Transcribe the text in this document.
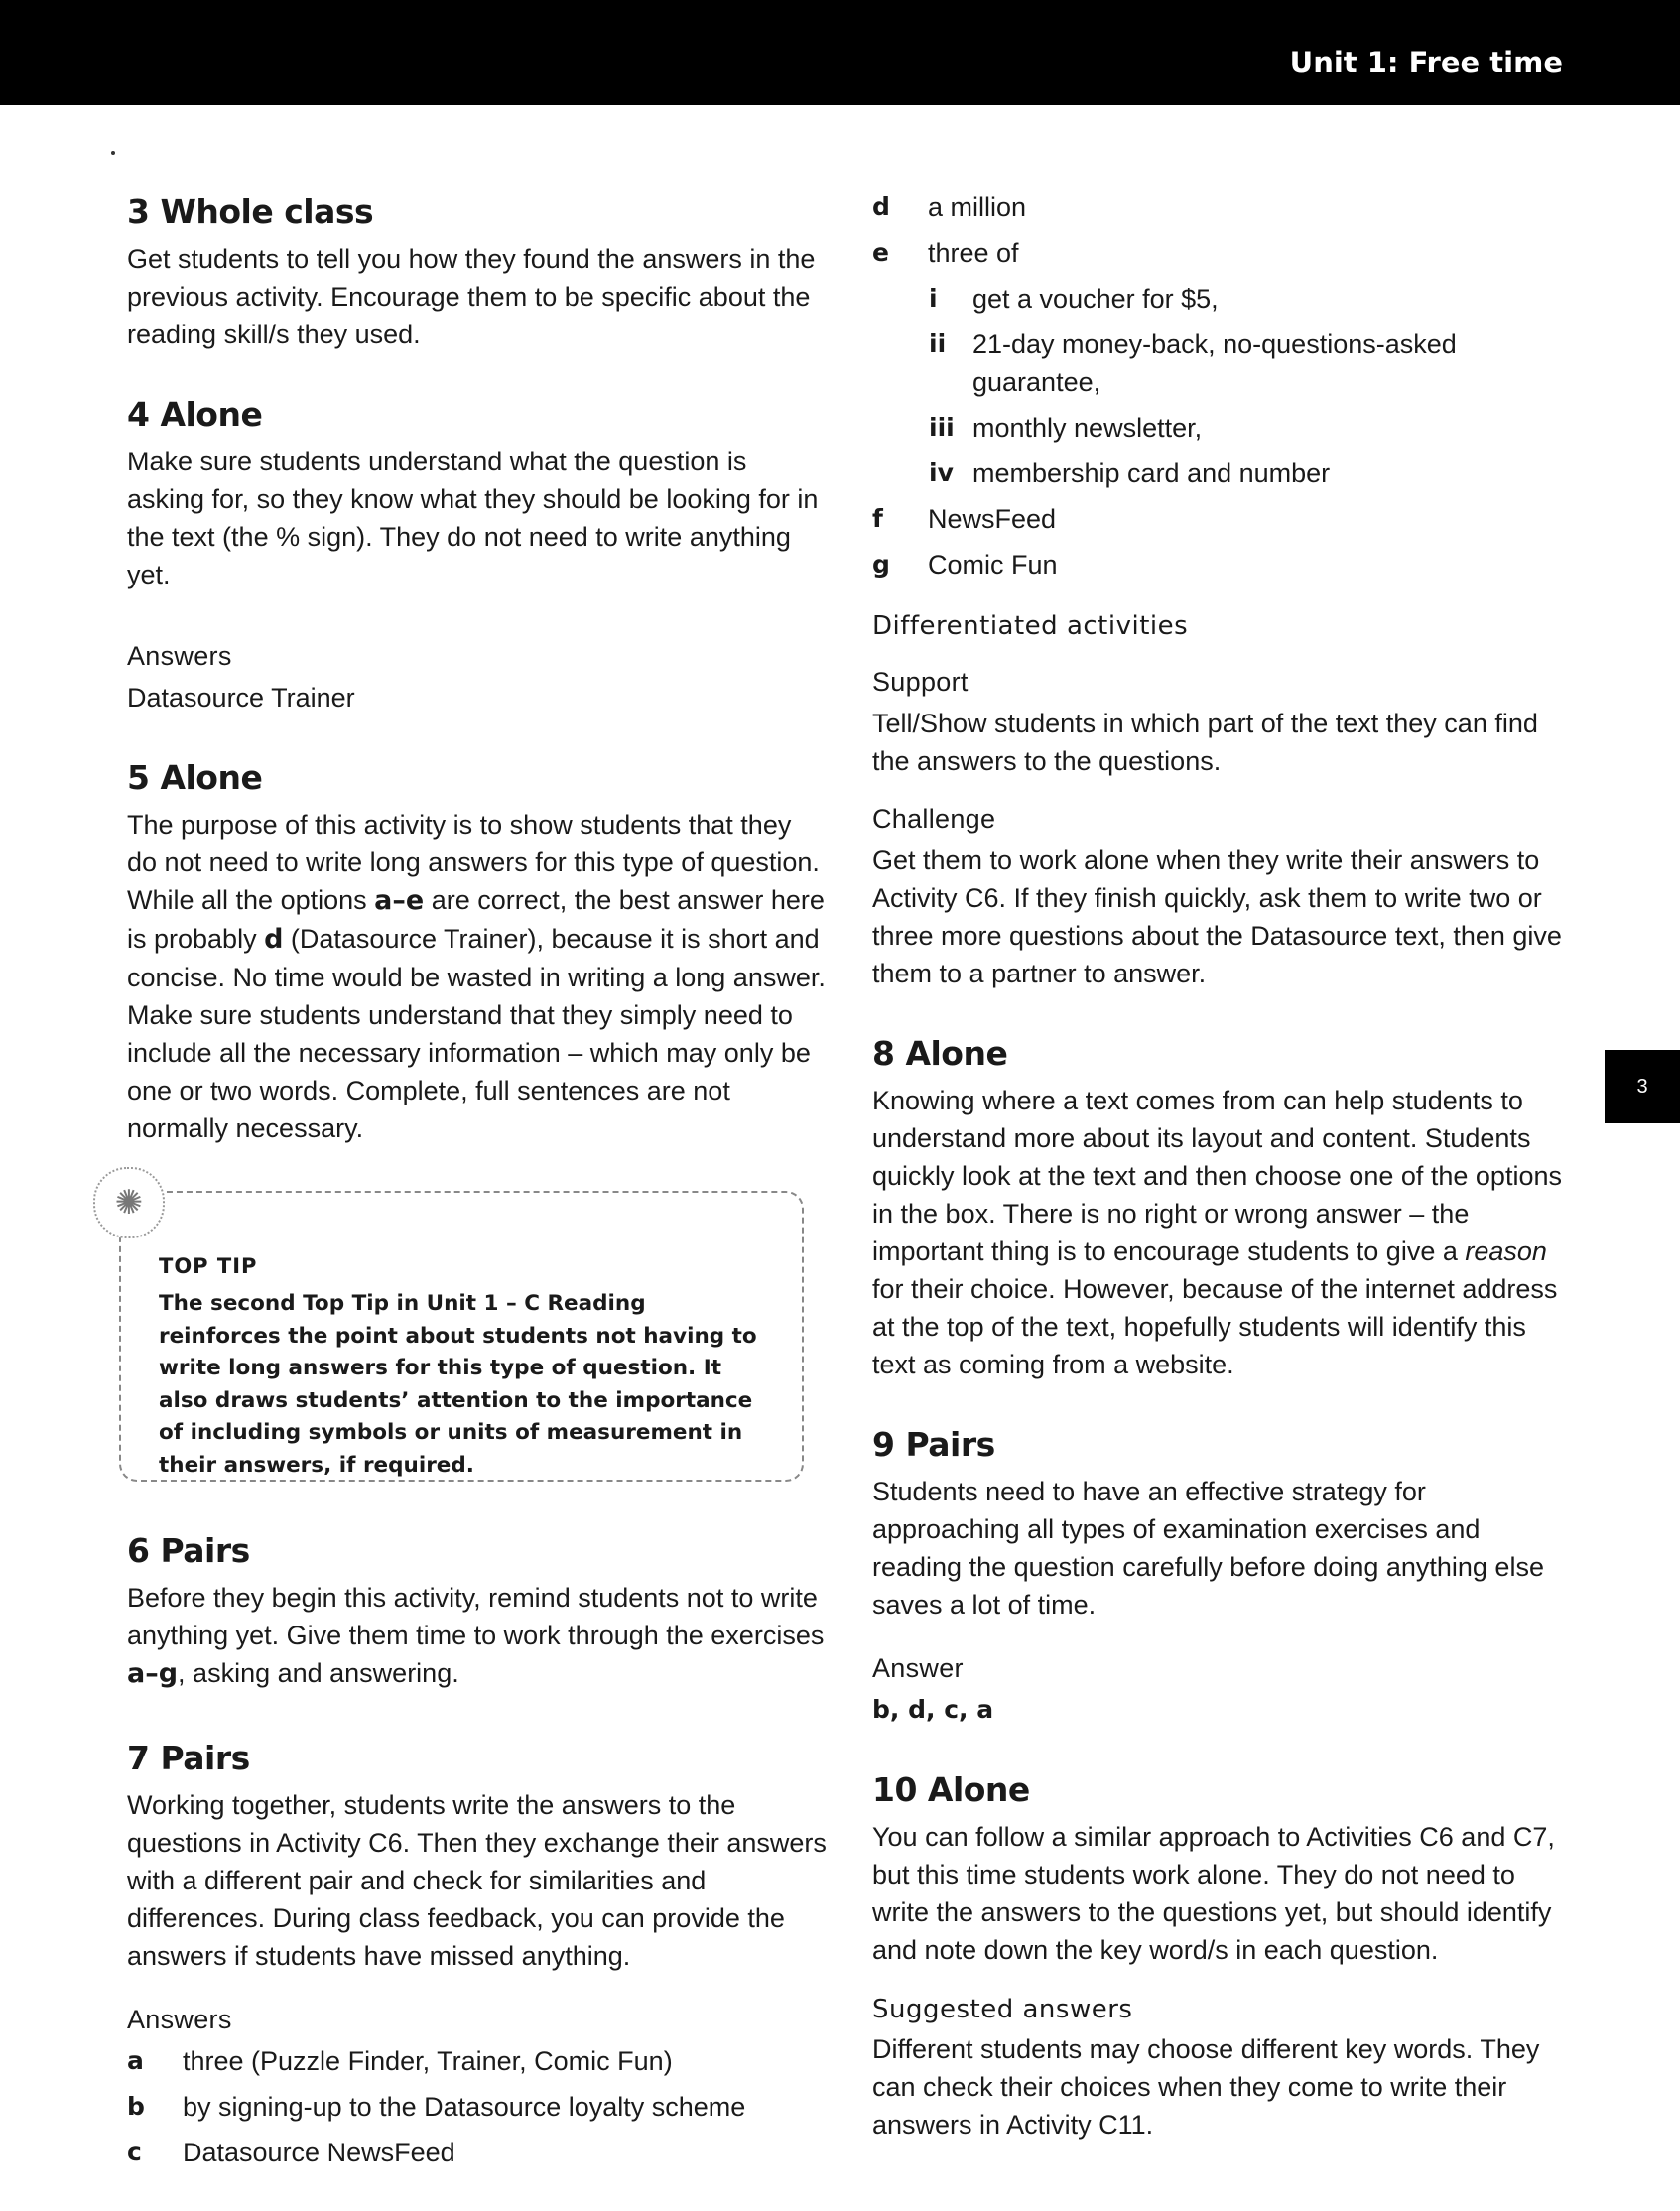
Unit 1: Free time
3 Whole class

Get students to tell you how they found the answers in the previous activity. Encourage them to be specific about the reading skill/s they used.

4 Alone

Make sure students understand what the question is asking for, so they know what they should be looking for in the text (the % sign). They do not need to write anything yet.

Answers
Datasource Trainer
5 Alone

The purpose of this activity is to show students that they do not need to write long answers for this type of question. While all the options a–e are correct, the best answer here is probably d (Datasource Trainer), because it is short and concise. No time would be wasted in writing a long answer. Make sure students understand that they simply need to include all the necessary information – which may only be one or two words. Complete, full sentences are not normally necessary.

✺
TOP TIP
The second Top Tip in Unit 1 – C Reading reinforces the point about students not having to write long answers for this type of question. It also draws students’ attention to the importance of including symbols or units of measurement in their answers, if required.
6 Pairs

Before they begin this activity, remind students not to write anything yet. Give them time to work through the exercises a–g, asking and answering.

7 Pairs

Working together, students write the answers to the questions in Activity C6. Then they exchange their answers with a different pair and check for similarities and differences. During class feedback, you can provide the answers if students have missed anything.

Answers
a	three (Puzzle Finder, Trainer, Comic Fun)
b	by signing-up to the Datasource loyalty scheme
c	Datasource NewsFeed
d	a million
e	three of
i get a voucher for $5,
ii 21-day money-back, no-questions-asked guarantee,
iii monthly newsletter,
iv membership card and number
f	NewsFeed
g	Comic Fun
Differentiated activities
Support

Tell/Show students in which part of the text they can find the answers to the questions.

Challenge

Get them to work alone when they write their answers to Activity C6. If they finish quickly, ask them to write two or three more questions about the Datasource text, then give them to a partner to answer.

8 Alone

Knowing where a text comes from can help students to understand more about its layout and content. Students quickly look at the text and then choose one of the options in the box. There is no right or wrong answer – the important thing is to encourage students to give a reason for their choice. However, because of the internet address at the top of the text, hopefully students will identify this text as coming from a website.

9 Pairs

Students need to have an effective strategy for approaching all types of examination exercises and reading the question carefully before doing anything else saves a lot of time.

Answer
b, d, c, a
10 Alone

You can follow a similar approach to Activities C6 and C7, but this time students work alone. They do not need to write the answers to the questions yet, but should identify and note down the key word/s in each question.

Suggested answers

Different students may choose different key words. They can check their choices when they come to write their answers in Activity C11.

3
